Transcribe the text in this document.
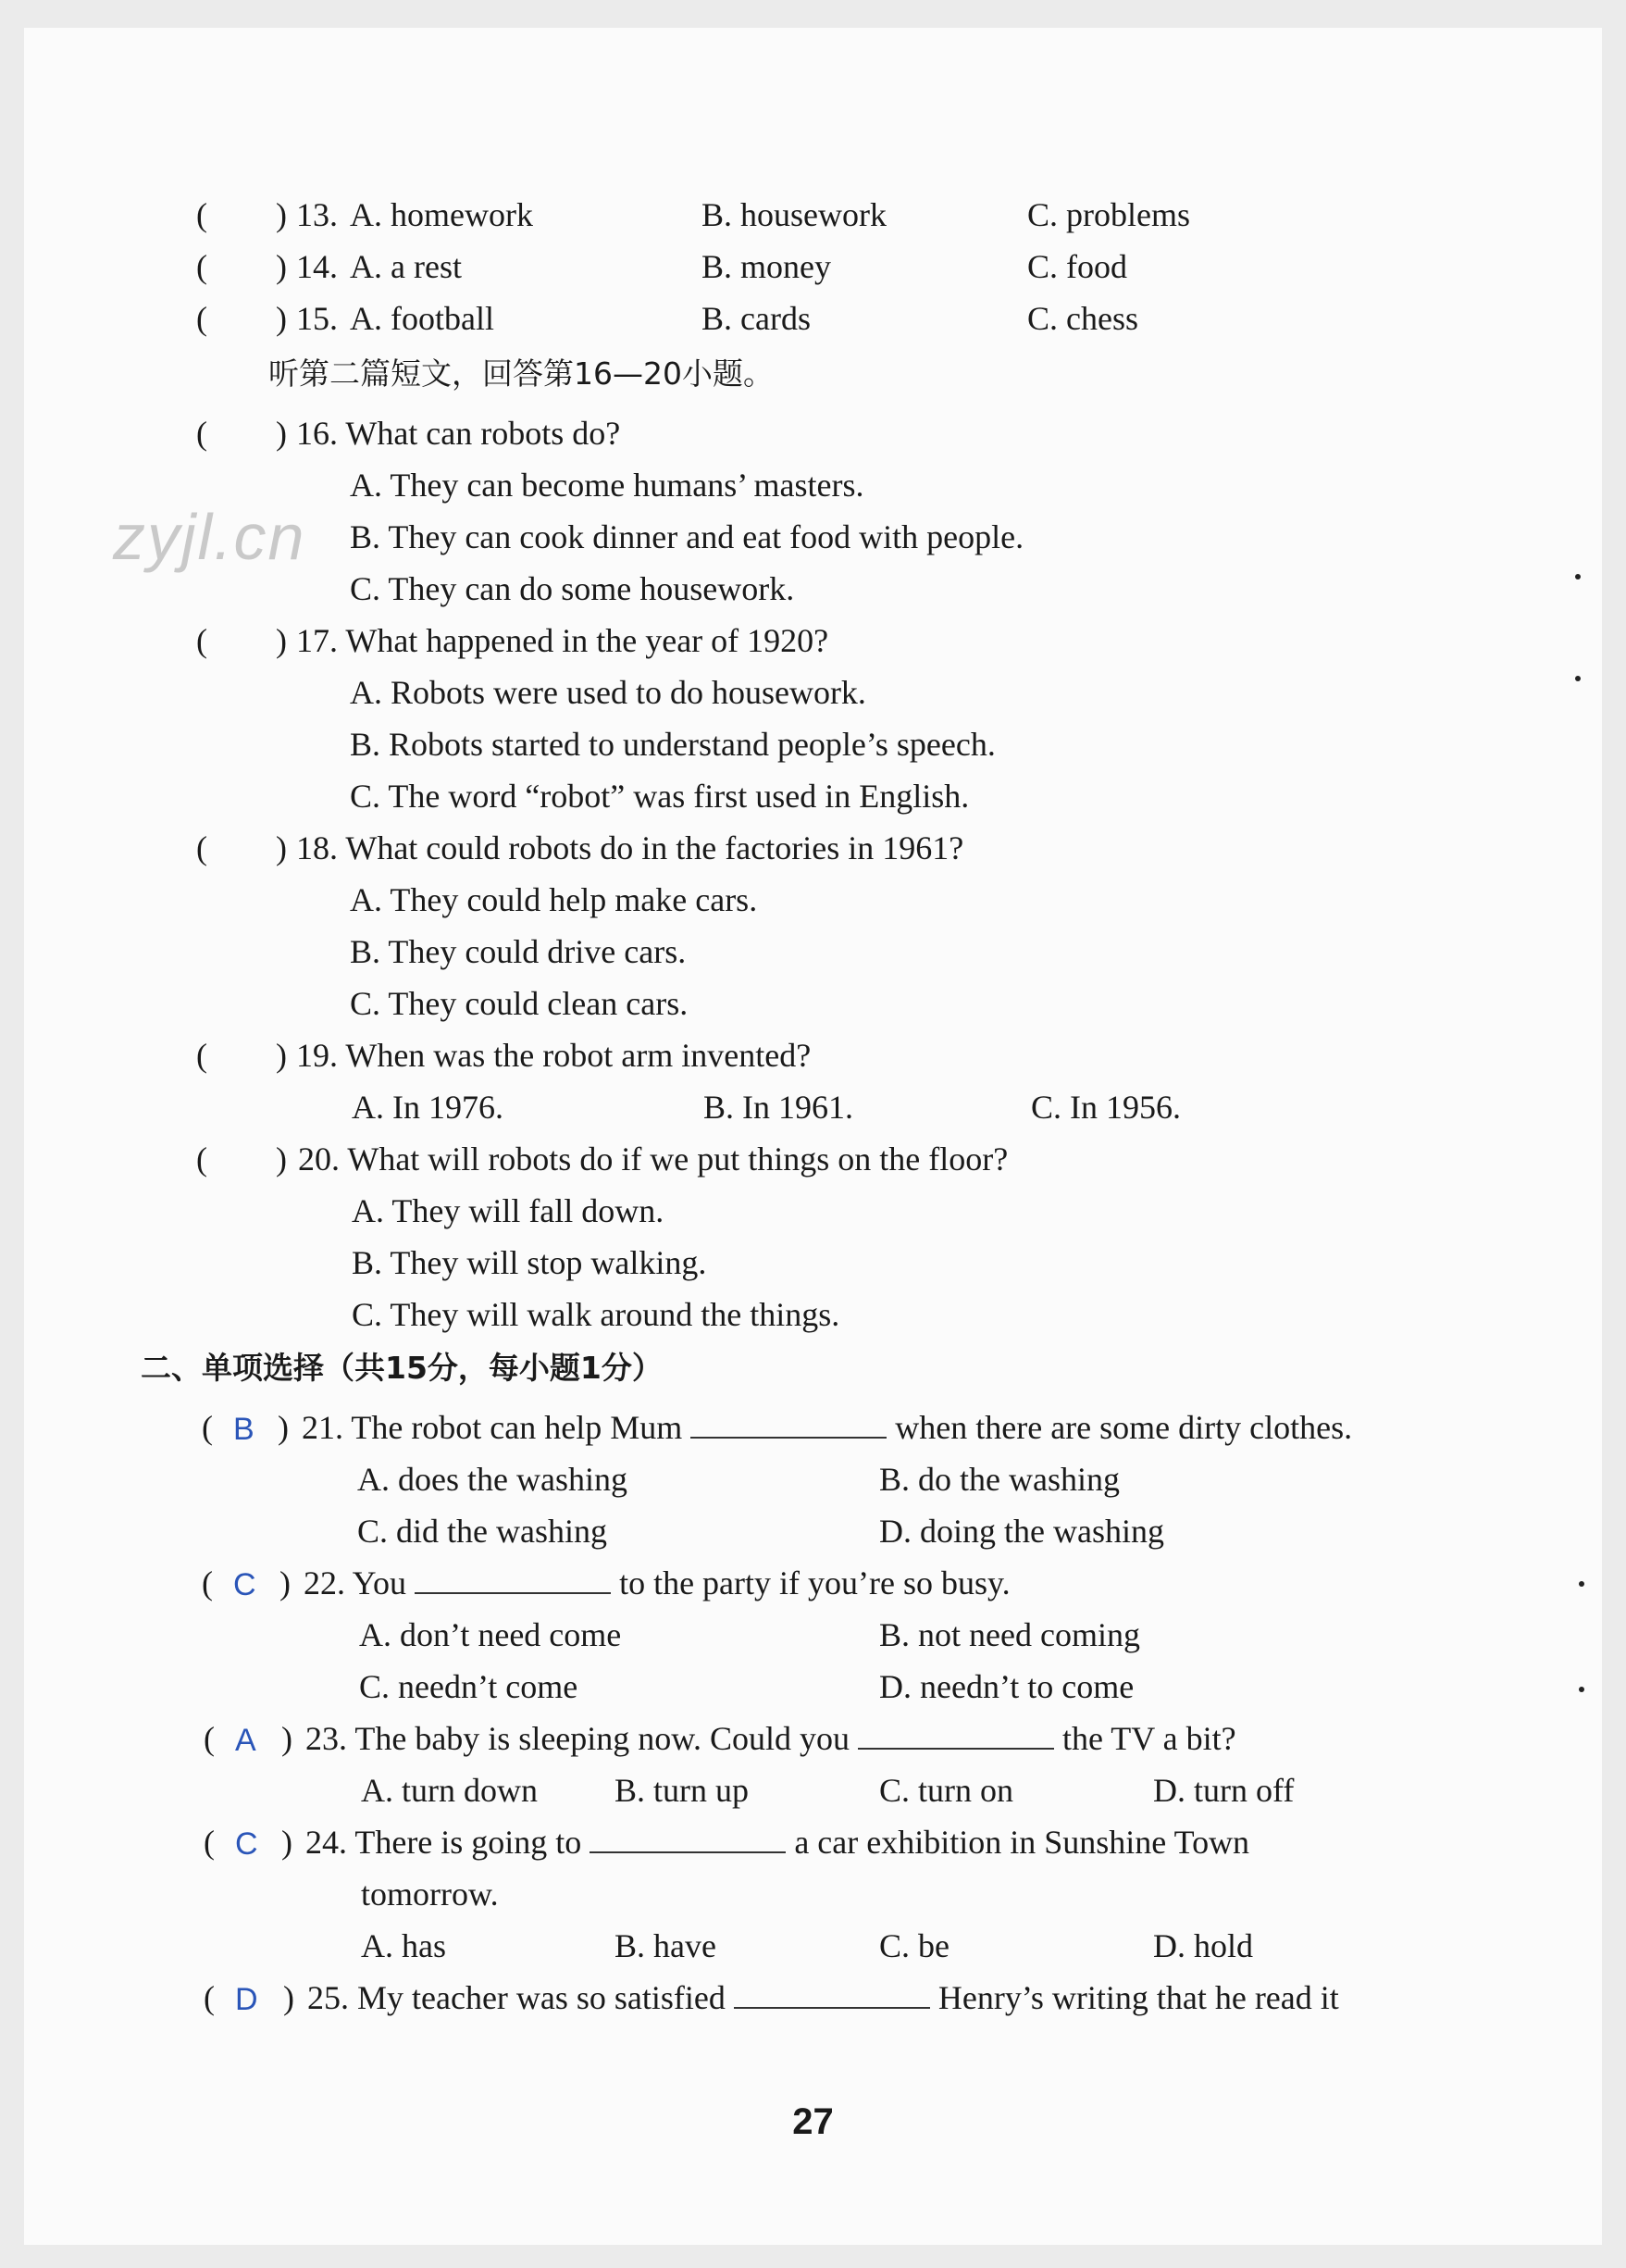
zyjl.cn
( ) 13. A. homework	B. housework	C. problems
( ) 14. A. a rest	B. money	C. food
( ) 15. A. football	B. cards	C. chess
听第二篇短文，回答第16—20小题。
( ) 16. What can robots do?
A. They can become humans’ masters.
B. They can cook dinner and eat food with people.
C. They can do some housework.
( ) 17. What happened in the year of 1920?
A. Robots were used to do housework.
B. Robots started to understand people’s speech.
C. The word “robot” was first used in English.
( ) 18. What could robots do in the factories in 1961?
A. They could help make cars.
B. They could drive cars.
C. They could clean cars.
( ) 19. When was the robot arm invented?
A. In 1976.	B. In 1961.	C. In 1956.
( ) 20. What will robots do if we put things on the floor?
A. They will fall down.
B. They will stop walking.
C. They will walk around the things.
二、单项选择（共15分，每小题1分）
( B ) 21. The robot can help Mum	when there are some dirty clothes.
A. does the washing	B. do the washing
C. did the washing	D. doing the washing
( C ) 22. You	to the party if you’re so busy.
A. don’t need come	B. not need coming
C. needn’t come	D. needn’t to come
( A ) 23. The baby is sleeping now. Could you	the TV a bit?
A. turn down B. turn up	C. turn on	D. turn off
( C ) 24. There is going to	a car exhibition in Sunshine Town
tomorrow.
A. has	B. have	C. be	D. hold
( D ) 25. My teacher was so satisfied	Henry’s writing that he read it
27
